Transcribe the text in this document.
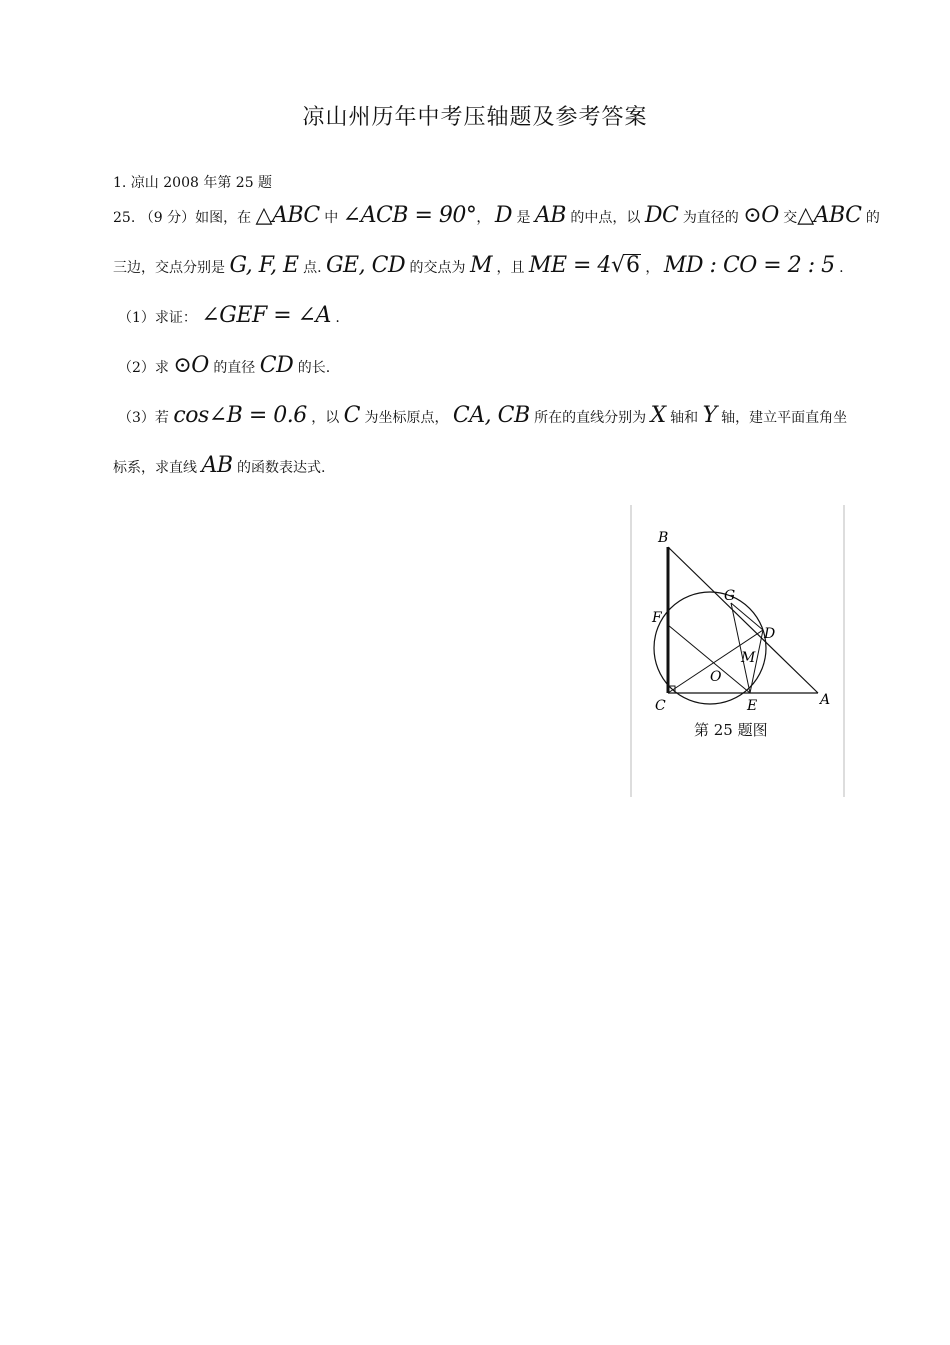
凉山州历年中考压轴题及参考答案
1. 凉山 2008 年第 25 题
25. （9 分）如图，在 △ABC 中 ∠ACB = 90°， D 是 AB 的中点，以 DC 为直径的 ⊙O 交△ABC 的
三边，交点分别是 G, F, E 点. GE, CD 的交点为 M ，且 ME = 4√6 ， MD : CO = 2 : 5 .
（1）求证： ∠GEF = ∠A .
（2）求 ⊙O 的直径 CD 的长.
（3）若 cos∠B = 0.6 ，以 C 为坐标原点， CA, CB 所在的直线分别为 X 轴和 Y 轴，建立平面直角坐
标系，求直线 AB 的函数表达式.
B
G
F
D
M
O
C	E	A
第 25 题图
